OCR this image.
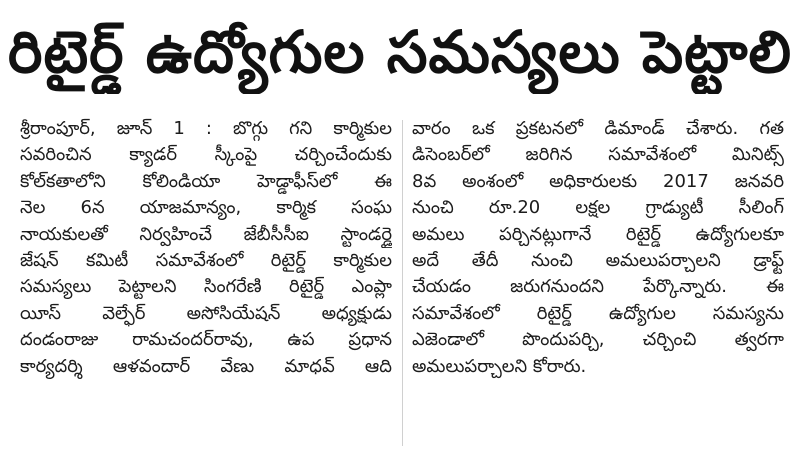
రిటైర్డ్ ఉద్యోగుల సమస్యలు పెట్టాలి
శ్రీరాంపూర్, జూన్ 1 : బొగ్గు గని కార్మికుల
సవరించిన క్యాడర్ స్కీంపై చర్చించేందుకు
కోల్‌కతాలోని కోలిండియా హెడ్డాఫీస్‌లో ఈ
నెల 6న యాజమాన్యం, కార్మిక సంఘ
నాయకులతో నిర్వహించే జేబీసీసీఐ స్టాండర్డై
జేషన్ కమిటీ సమావేశంలో రిటైర్డ్ కార్మికుల
సమస్యలు పెట్టాలని సింగరేణి రిటైర్డ్ ఎంప్లా
యీస్ వెల్ఫేర్ అసోసియేషన్ అధ్యక్షుడు
దండంరాజు రామచందర్‌రావు, ఉప ప్రధాన
కార్యదర్శి ఆళవందార్ వేణు మాధవ్ ఆది
వారం ఒక ప్రకటనలో డిమాండ్ చేశారు. గత
డిసెంబర్‌లో జరిగిన సమావేశంలో మినిట్స్
8వ అంశంలో అధికారులకు 2017 జనవరి
నుంచి రూ.20 లక్షల గ్రాడ్యుటీ సీలింగ్
అమలు పర్చినట్లుగానే రిటైర్డ్ ఉద్యోగులకూ
అదే తేదీ నుంచి అమలుపర్చాలని డ్రాఫ్ట్
చేయడం జరుగనుందని పేర్కొన్నారు. ఈ
సమావేశంలో రిటైర్డ్ ఉద్యోగుల సమస్యను
ఎజెండాలో పొందుపర్చి, చర్చించి త్వరగా
అమలుపర్చాలని కోరారు.
